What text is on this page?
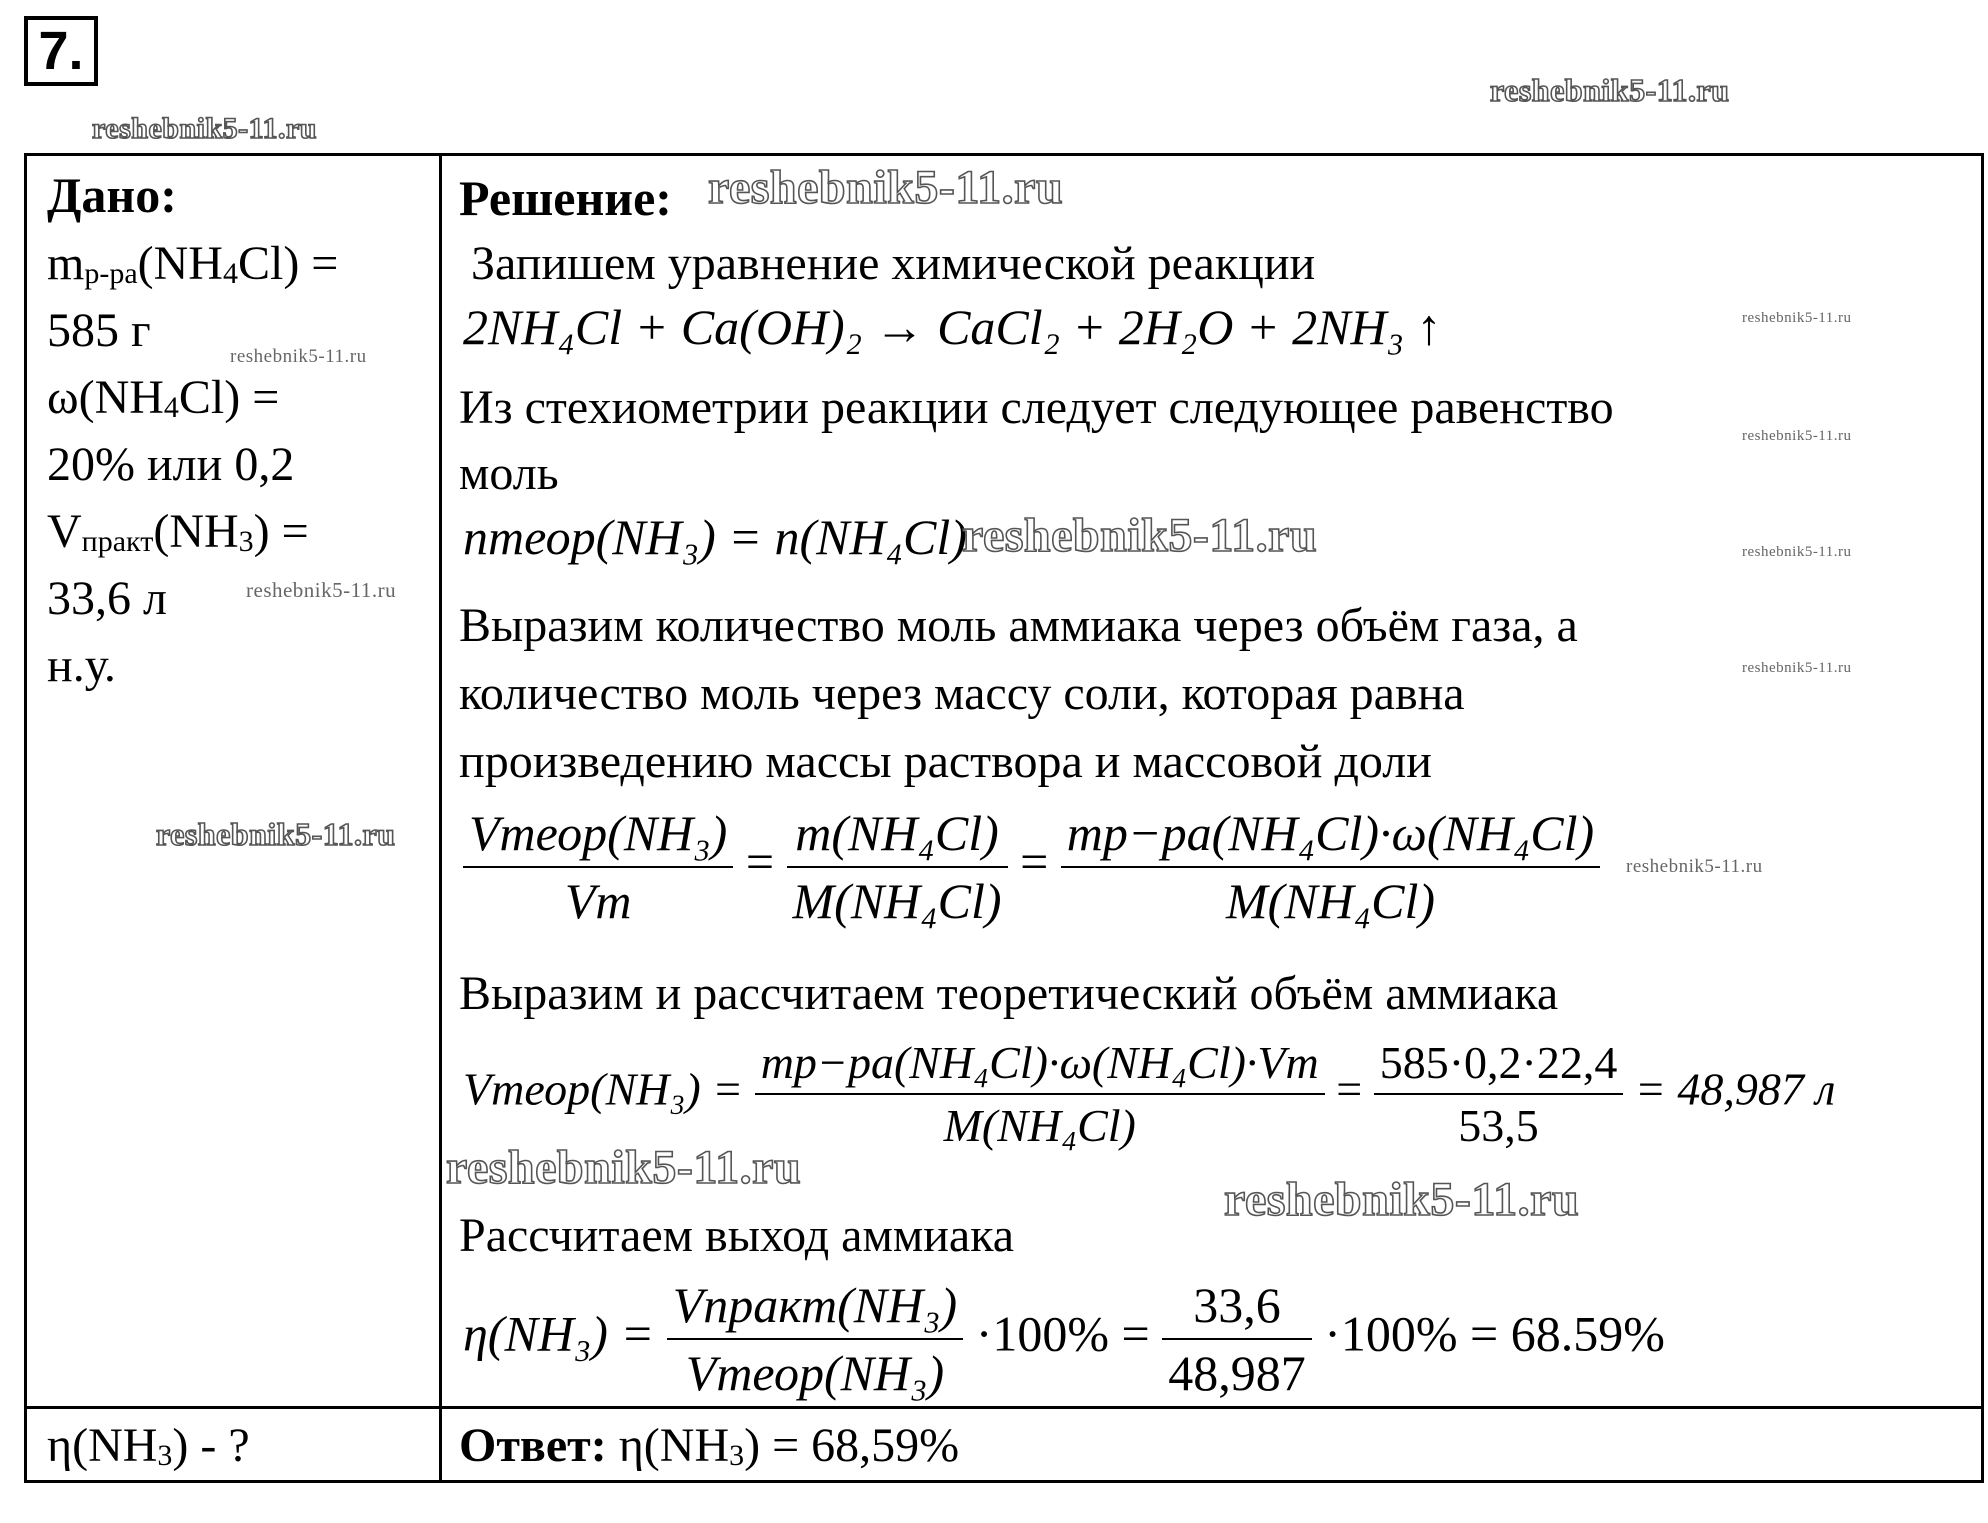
7.
reshebnik5-11.ru
reshebnik5-11.ru
Дано:
$m_{р-ра}(NH_4Cl)$ =
585 г
$\omega(NH_4Cl)$ =
20% или 0,2
$V_{практ}(NH_3)$ =
33,6 л
н.у.
Решение:
Запишем уравнение химической реакции
2NH₄Cl + Ca(OH)₂ → CaCl₂ + 2H₂O + 2NH₃ ↑
Из стехиометрии реакции следует следующее равенство
моль
nтеор(NH₃) = n(NH₄Cl)
Выразим количество моль аммиака через объём газа, а
количество моль через массу соли, которая равна
произведению массы раствора и массовой доли
$\frac{\text{Vтеор(NH₃)}}{Vm} = \frac{\text{m(NH₄Cl)}}{\text{M(NH₄Cl)}} = \frac{\text{mр−ра(NH₄Cl)·ω(NH₄Cl)}}{\text{M(NH₄Cl)}}$
Выразим и рассчитаем теоретический объём аммиака
Vтеор(NH₃) = $\frac{\text{mр−ра(NH₄Cl)·ω(NH₄Cl)·Vm}}{\text{M(NH₄Cl)}} = \frac{585\cdot 0,2\cdot 22,4}{53,5} = 48,987$ л
Рассчитаем выход аммиака
$\eta(NH_3) = \frac{\text{Vпракт(NH₃)}}{\text{Vтеор(NH₃)}} \cdot 100\% = \frac{33,6}{48,987} \cdot 100\% = 68.59\%$
$\eta(NH_3)$ - ?	Ответ: $\eta(NH_3) = 68,59\%$
reshebnik5-11.ru
reshebnik5-11.ru
reshebnik5-11.ru
reshebnik5-11.ru
reshebnik5-11.ru	reshebnik5-11.ru
reshebnik5-11.ru
reshebnik5-11.ru
reshebnik5-11.ru
reshebnik5-11.ru
reshebnik5-11.ru
reshebnik5-11.ru
